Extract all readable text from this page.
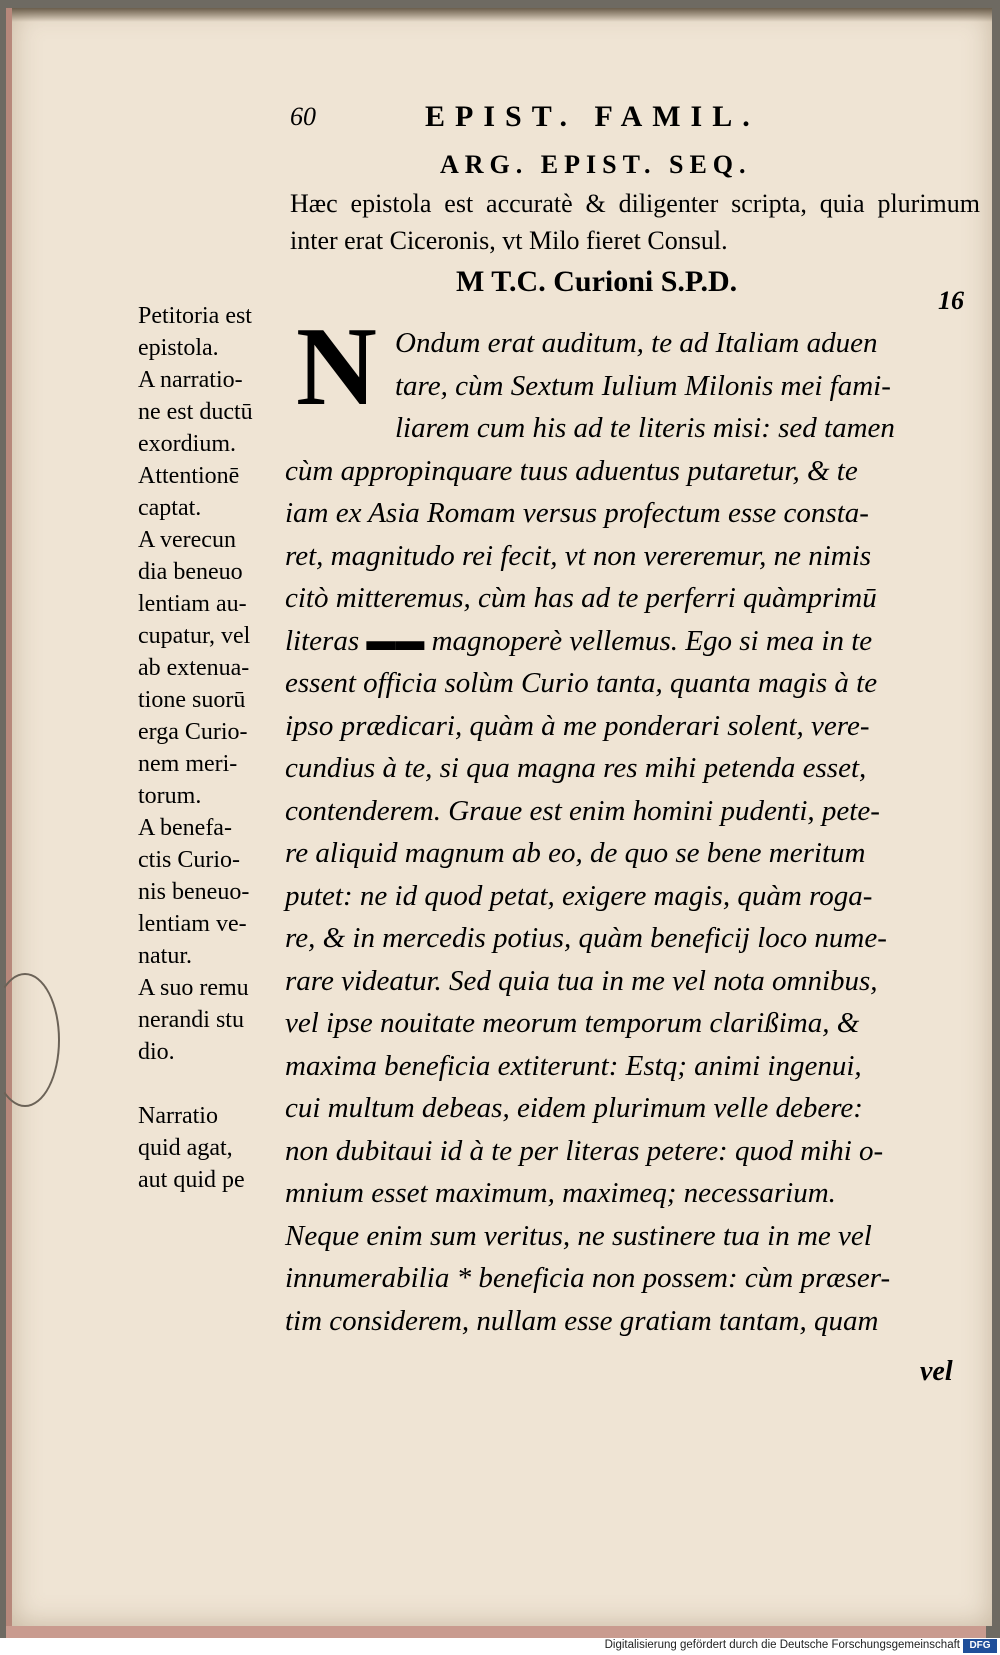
60	EPIST. FAMIL.
ARG. EPIST. SEQ.
Hæc epistola est accuratè & diligenter scripta, quia plurimum inter erat Ciceronis, vt Milo fieret Consul.
M T.C. Curioni S.P.D.
16

Petitoria est

epistola.

A narratio-

ne est ductū

exordium.

Attentionē

captat.

A verecun

dia beneuo

lentiam au-

cupatur, vel

ab extenua-

tione suorū

erga Curio-

nem meri-

torum.

A benefa-

ctis Curio-

nis beneuo-

lentiam ve-

natur.

A suo remu

nerandi stu

dio.

Narratio

quid agat,

aut quid pe

N Ondum erat auditum, te ad Italiam aduen

tare, cùm Sextum Iulium Milonis mei fami-

liarem cum his ad te literis misi: sed tamen

cùm appropinquare tuus aduentus putaretur, & te

iam ex Asia Romam versus profectum esse consta-

ret, magnitudo rei fecit, vt non vereremur, ne nimis

citò mitteremus, cùm has ad te perferri quàmprimū

literas ▬▬ magnoperè vellemus. Ego si mea in te

essent officia solùm Curio tanta, quanta magis à te

ipso prædicari, quàm à me ponderari solent, vere-

cundius à te, si qua magna res mihi petenda esset,

contenderem. Graue est enim homini pudenti, pete-

re aliquid magnum ab eo, de quo se bene meritum

putet: ne id quod petat, exigere magis, quàm roga-

re, & in mercedis potius, quàm beneficij loco nume-

rare videatur. Sed quia tua in me vel nota omnibus,

vel ipse nouitate meorum temporum clarißima, &

maxima beneficia extiterunt: Estq; animi ingenui,

cui multum debeas, eidem plurimum velle debere:

non dubitaui id à te per literas petere: quod mihi o-

mnium esset maximum, maximeq; necessarium.

Neque enim sum veritus, ne sustinere tua in me vel

innumerabilia * beneficia non possem: cùm præser-

tim considerem, nullam esse gratiam tantam, quam

vel
Digitalisierung gefördert durch die Deutsche Forschungsgemeinschaft DFG
